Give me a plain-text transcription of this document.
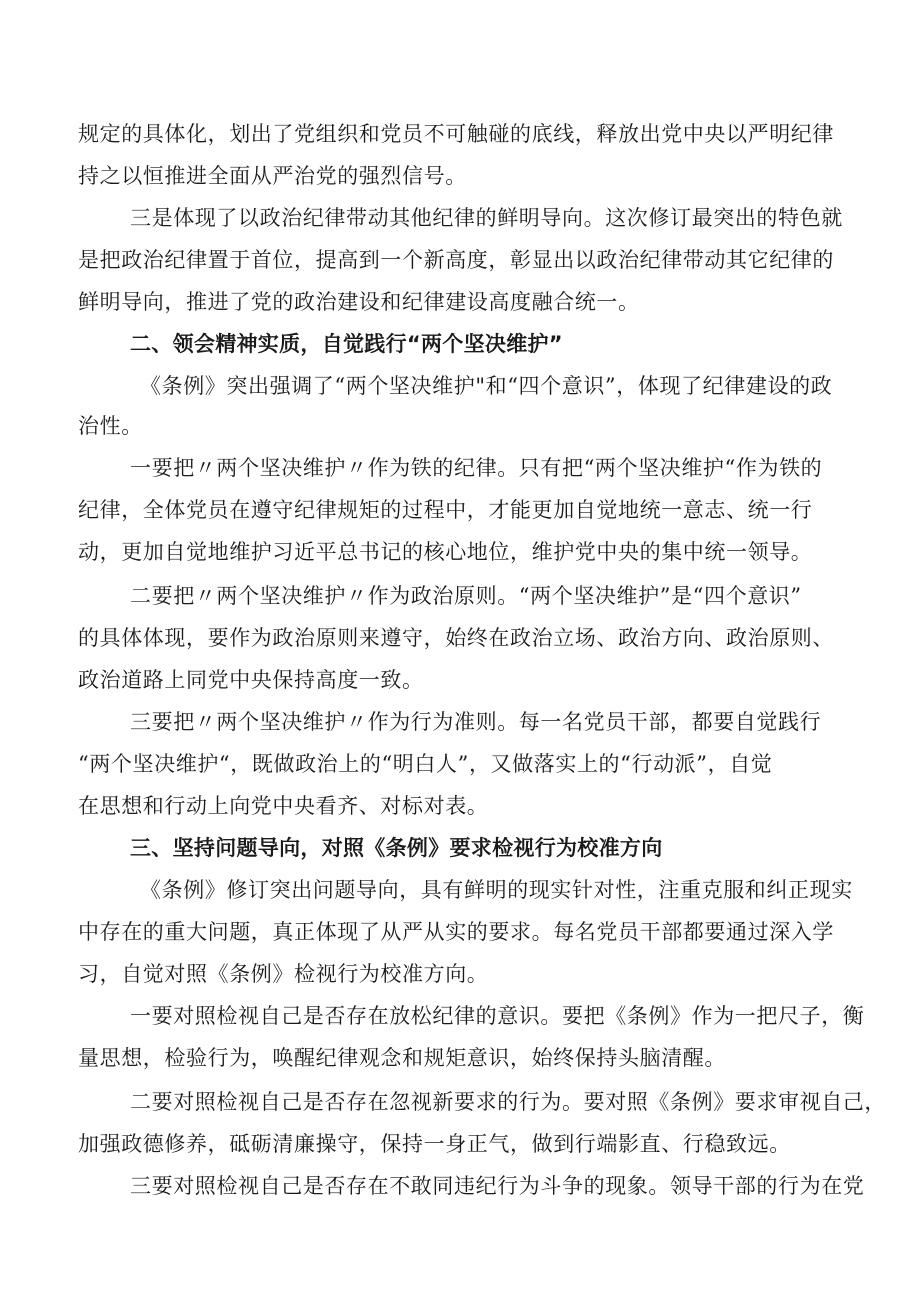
规定的具体化，划出了党组织和党员不可触碰的底线，释放出党中央以严明纪律
持之以恒推进全面从严治党的强烈信号。
三是体现了以政治纪律带动其他纪律的鲜明导向。这次修订最突出的特色就
是把政治纪律置于首位，提高到一个新高度，彰显出以政治纪律带动其它纪律的
鲜明导向，推进了党的政治建设和纪律建设高度融合统一。
二、领会精神实质，自觉践行“两个坚决维护”
《条例》突出强调了“两个坚决维护"和“四个意识”，体现了纪律建设的政
治性。
一要把〃两个坚决维护〃作为铁的纪律。只有把“两个坚决维护“作为铁的
纪律，全体党员在遵守纪律规矩的过程中，才能更加自觉地统一意志、统一行
动，更加自觉地维护习近平总书记的核心地位，维护党中央的集中统一领导。
二要把〃两个坚决维护〃作为政治原则。“两个坚决维护”是“四个意识”
的具体体现，要作为政治原则来遵守，始终在政治立场、政治方向、政治原则、
政治道路上同党中央保持高度一致。
三要把〃两个坚决维护〃作为行为准则。每一名党员干部，都要自觉践行
“两个坚决维护“，既做政治上的“明白人”，又做落实上的“行动派”，自觉
在思想和行动上向党中央看齐、对标对表。
三、坚持问题导向，对照《条例》要求检视行为校准方向
《条例》修订突出问题导向，具有鲜明的现实针对性，注重克服和纠正现实
中存在的重大问题，真正体现了从严从实的要求。每名党员干部都要通过深入学
习，自觉对照《条例》检视行为校准方向。
一要对照检视自己是否存在放松纪律的意识。要把《条例》作为一把尺子，衡
量思想，检验行为，唤醒纪律观念和规矩意识，始终保持头脑清醒。
二要对照检视自己是否存在忽视新要求的行为。要对照《条例》要求审视自己，
加强政德修养，砥砺清廉操守，保持一身正气，做到行端影直、行稳致远。
三要对照检视自己是否存在不敢同违纪行为斗争的现象。领导干部的行为在党
